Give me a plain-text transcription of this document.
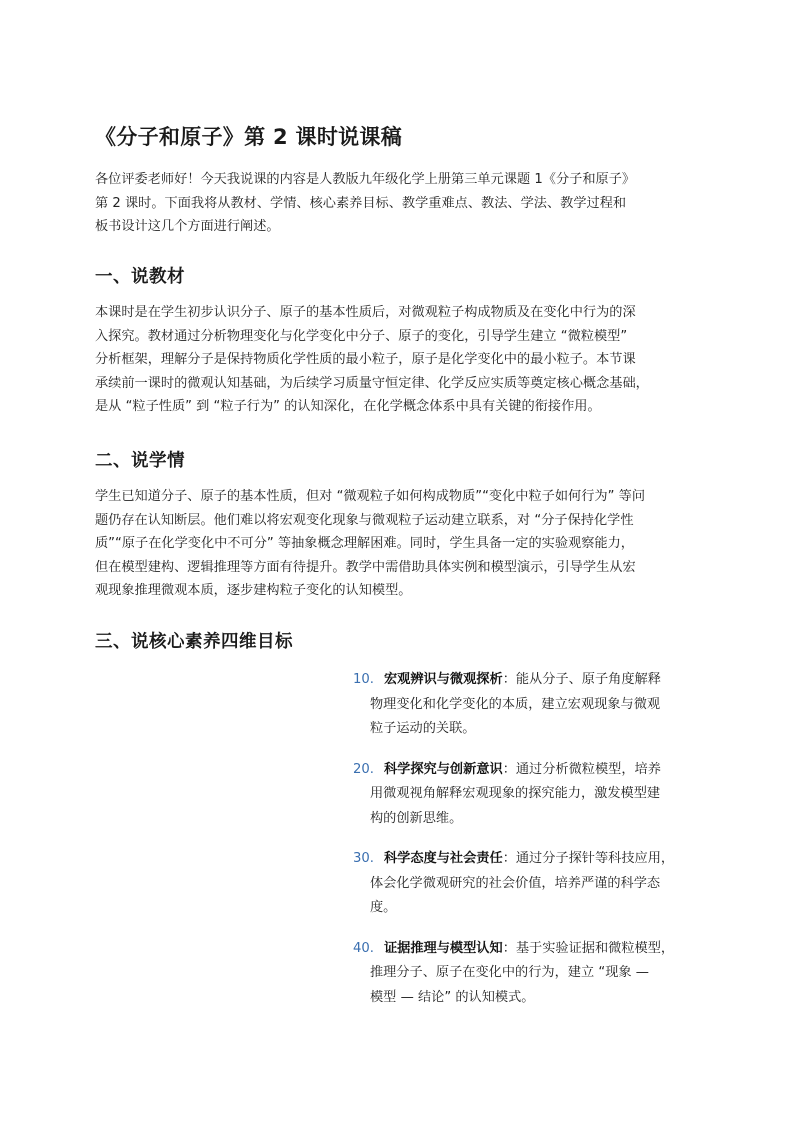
《分子和原子》第 2 课时说课稿

各位评委老师好！今天我说课的内容是人教版九年级化学上册第三单元课题 1《分子和原子》
第 2 课时。下面我将从教材、学情、核心素养目标、教学重难点、教法、学法、教学过程和
板书设计这几个方面进行阐述。

一、说教材

本课时是在学生初步认识分子、原子的基本性质后，对微观粒子构成物质及在变化中行为的深
入探究。教材通过分析物理变化与化学变化中分子、原子的变化，引导学生建立 “微粒模型”
分析框架，理解分子是保持物质化学性质的最小粒子，原子是化学变化中的最小粒子。本节课
承续前一课时的微观认知基础，为后续学习质量守恒定律、化学反应实质等奠定核心概念基础，
是从 “粒子性质” 到 “粒子行为” 的认知深化，在化学概念体系中具有关键的衔接作用。

二、说学情

学生已知道分子、原子的基本性质，但对 “微观粒子如何构成物质”“变化中粒子如何行为” 等问
题仍存在认知断层。他们难以将宏观变化现象与微观粒子运动建立联系，对 “分子保持化学性
质”“原子在化学变化中不可分” 等抽象概念理解困难。同时，学生具备一定的实验观察能力，
但在模型建构、逻辑推理等方面有待提升。教学中需借助具体实例和模型演示，引导学生从宏
观现象推理微观本质，逐步建构粒子变化的认知模型。

三、说核心素养四维目标
10. 宏观辨识与微观探析：能从分子、原子角度解释
物理变化和化学变化的本质，建立宏观现象与微观
粒子运动的关联。
20. 科学探究与创新意识：通过分析微粒模型，培养
用微观视角解释宏观现象的探究能力，激发模型建
构的创新思维。
30. 科学态度与社会责任：通过分子探针等科技应用，
体会化学微观研究的社会价值，培养严谨的科学态
度。
40. 证据推理与模型认知：基于实验证据和微粒模型，
推理分子、原子在变化中的行为，建立 “现象 —
模型 — 结论” 的认知模式。
